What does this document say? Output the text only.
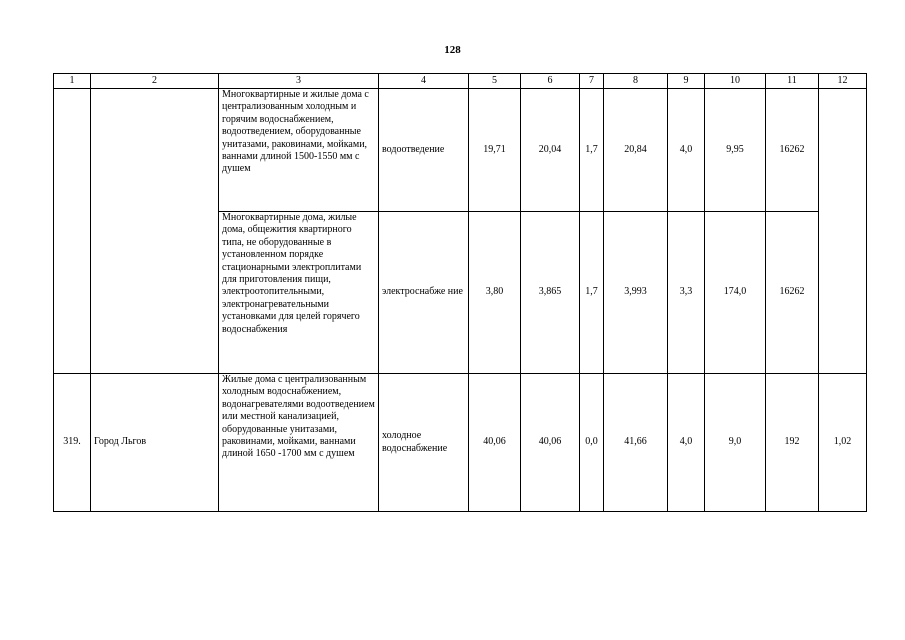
128
1	2	3	4	5	6	7	8	9	10	11	12
		Многоквартирные и жилые дома с централизованным холодным и горячим водоснабжением, водоотведением, оборудованные унитазами, раковинами, мойками, ваннами длиной 1500-1550 мм с душем	водоотведение	19,71	20,04	1,7	20,84	4,0	9,95	16262	
		Многоквартирные дома, жилые дома, общежития квартирного типа, не оборудованные в установленном порядке стационарными электроплитами для приготовления пищи, электроотопительными, электронагревательными установками для целей горячего водоснабжения	электроснабже ние	3,80	3,865	1,7	3,993	3,3	174,0	16262	
319.	Город Льгов	Жилые дома с централизованным холодным водоснабжением, водонагревателями водоотведением или местной канализацией, оборудованные унитазами, раковинами, мойками, ваннами длиной 1650 -1700 мм с душем	холодное водоснабжение	40,06	40,06	0,0	41,66	4,0	9,0	192	1,02
